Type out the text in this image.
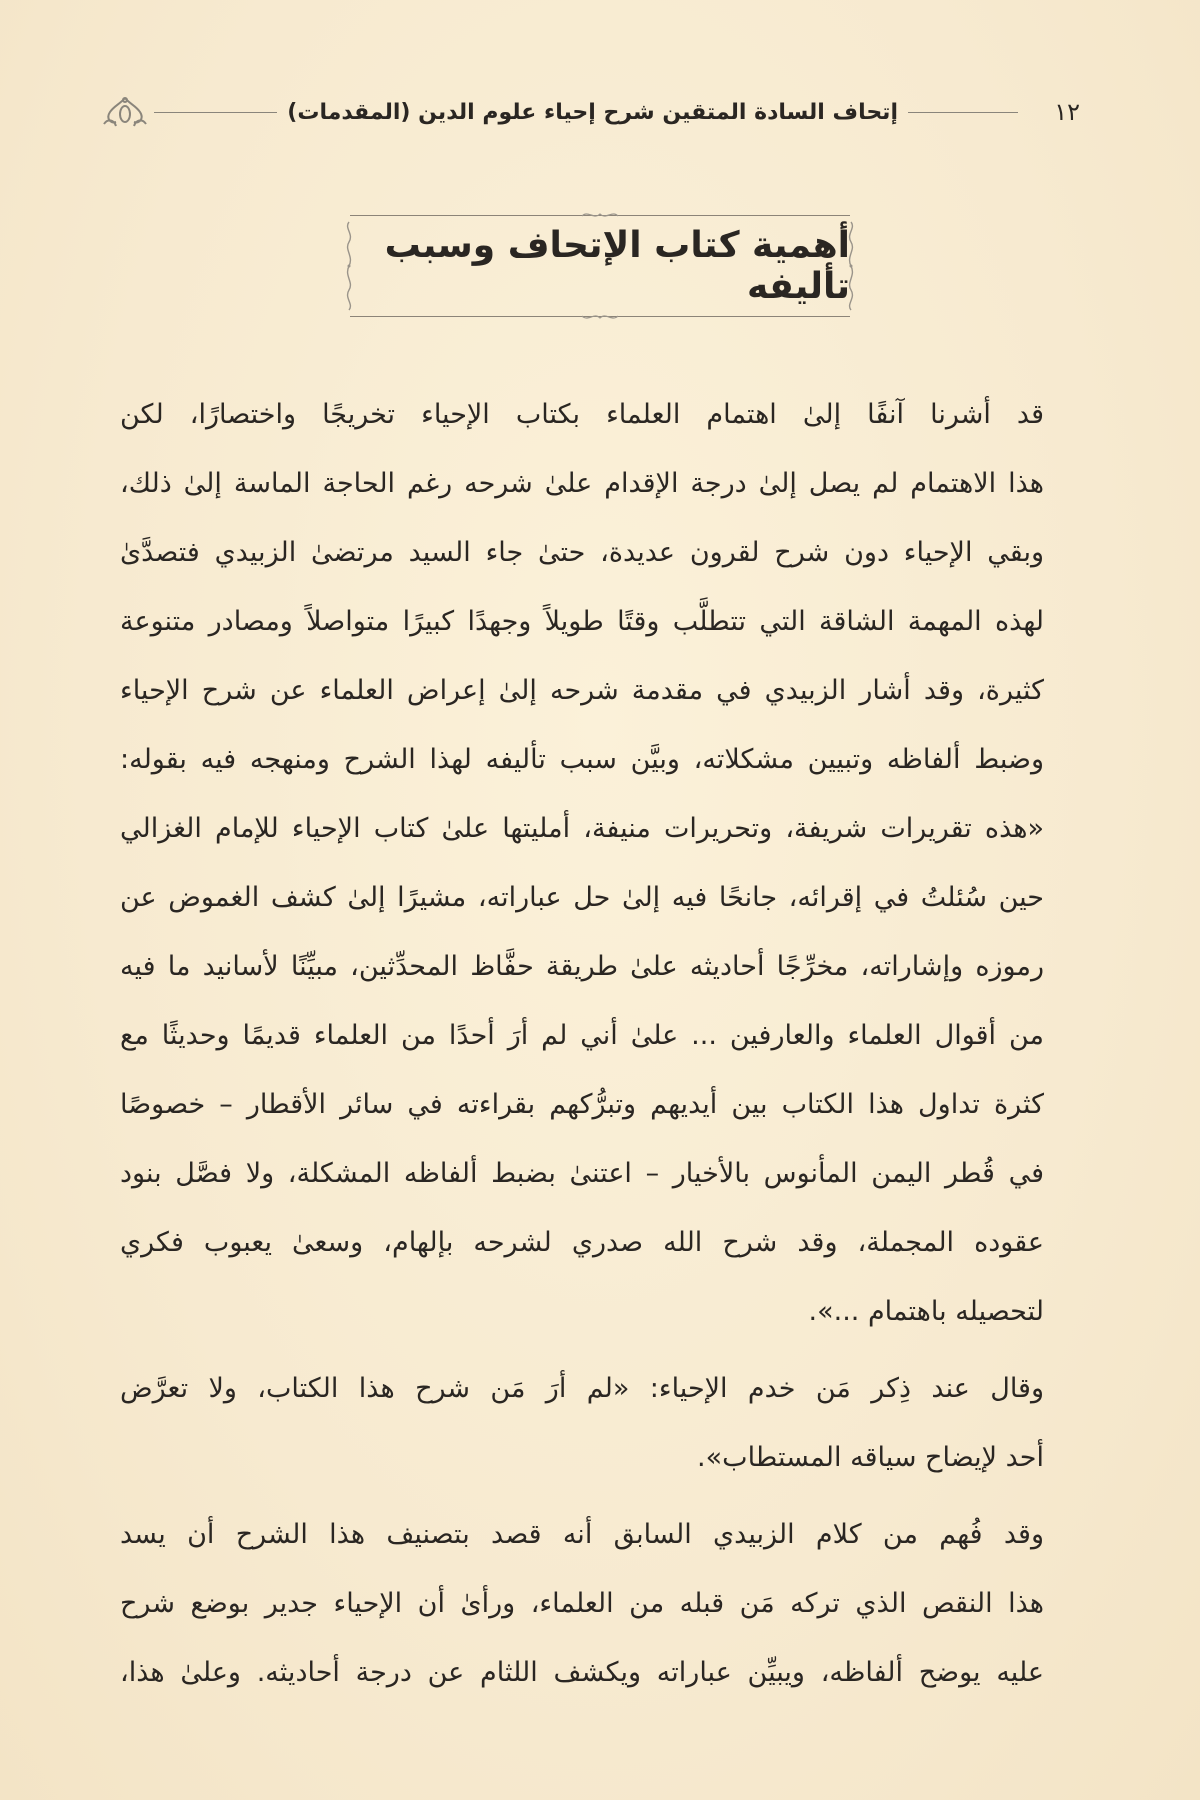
١٢
إتحاف السادة المتقين شرح إحياء علوم الدين (المقدمات)
أهمية كتاب الإتحاف وسبب تأليفه

قد أشرنا آنفًا إلىٰ اهتمام العلماء بكتاب الإحياء تخريجًا واختصارًا، لكن
هذا الاهتمام لم يصل إلىٰ درجة الإقدام علىٰ شرحه رغم الحاجة الماسة إلىٰ ذلك،
وبقي الإحياء دون شرح لقرون عديدة، حتىٰ جاء السيد مرتضىٰ الزبيدي فتصدَّىٰ
لهذه المهمة الشاقة التي تتطلَّب وقتًا طويلاً وجهدًا كبيرًا متواصلاً ومصادر متنوعة
كثيرة، وقد أشار الزبيدي في مقدمة شرحه إلىٰ إعراض العلماء عن شرح الإحياء
وضبط ألفاظه وتبيين مشكلاته، وبيَّن سبب تأليفه لهذا الشرح ومنهجه فيه بقوله:
«هذه تقريرات شريفة، وتحريرات منيفة، أمليتها علىٰ كتاب الإحياء للإمام الغزالي
حين سُئلتُ في إقرائه، جانحًا فيه إلىٰ حل عباراته، مشيرًا إلىٰ كشف الغموض عن
رموزه وإشاراته، مخرِّجًا أحاديثه علىٰ طريقة حفَّاظ المحدِّثين، مبيِّنًا لأسانيد ما فيه
من أقوال العلماء والعارفين ... علىٰ أني لم أرَ أحدًا من العلماء قديمًا وحديثًا مع
كثرة تداول هذا الكتاب بين أيديهم وتبرُّكهم بقراءته في سائر الأقطار – خصوصًا
في قُطر اليمن المأنوس بالأخيار – اعتنىٰ بضبط ألفاظه المشكلة، ولا فصَّل بنود
عقوده المجملة، وقد شرح الله صدري لشرحه بإلهام، وسعىٰ يعبوب فكري
لتحصيله باهتمام ...».

وقال عند ذِكر مَن خدم الإحياء: «لم أرَ مَن شرح هذا الكتاب، ولا تعرَّض
أحد لإيضاح سياقه المستطاب».

وقد فُهم من كلام الزبيدي السابق أنه قصد بتصنيف هذا الشرح أن يسد
هذا النقص الذي تركه مَن قبله من العلماء، ورأىٰ أن الإحياء جدير بوضع شرح
عليه يوضح ألفاظه، ويبيِّن عباراته ويكشف اللثام عن درجة أحاديثه. وعلىٰ هذا،
